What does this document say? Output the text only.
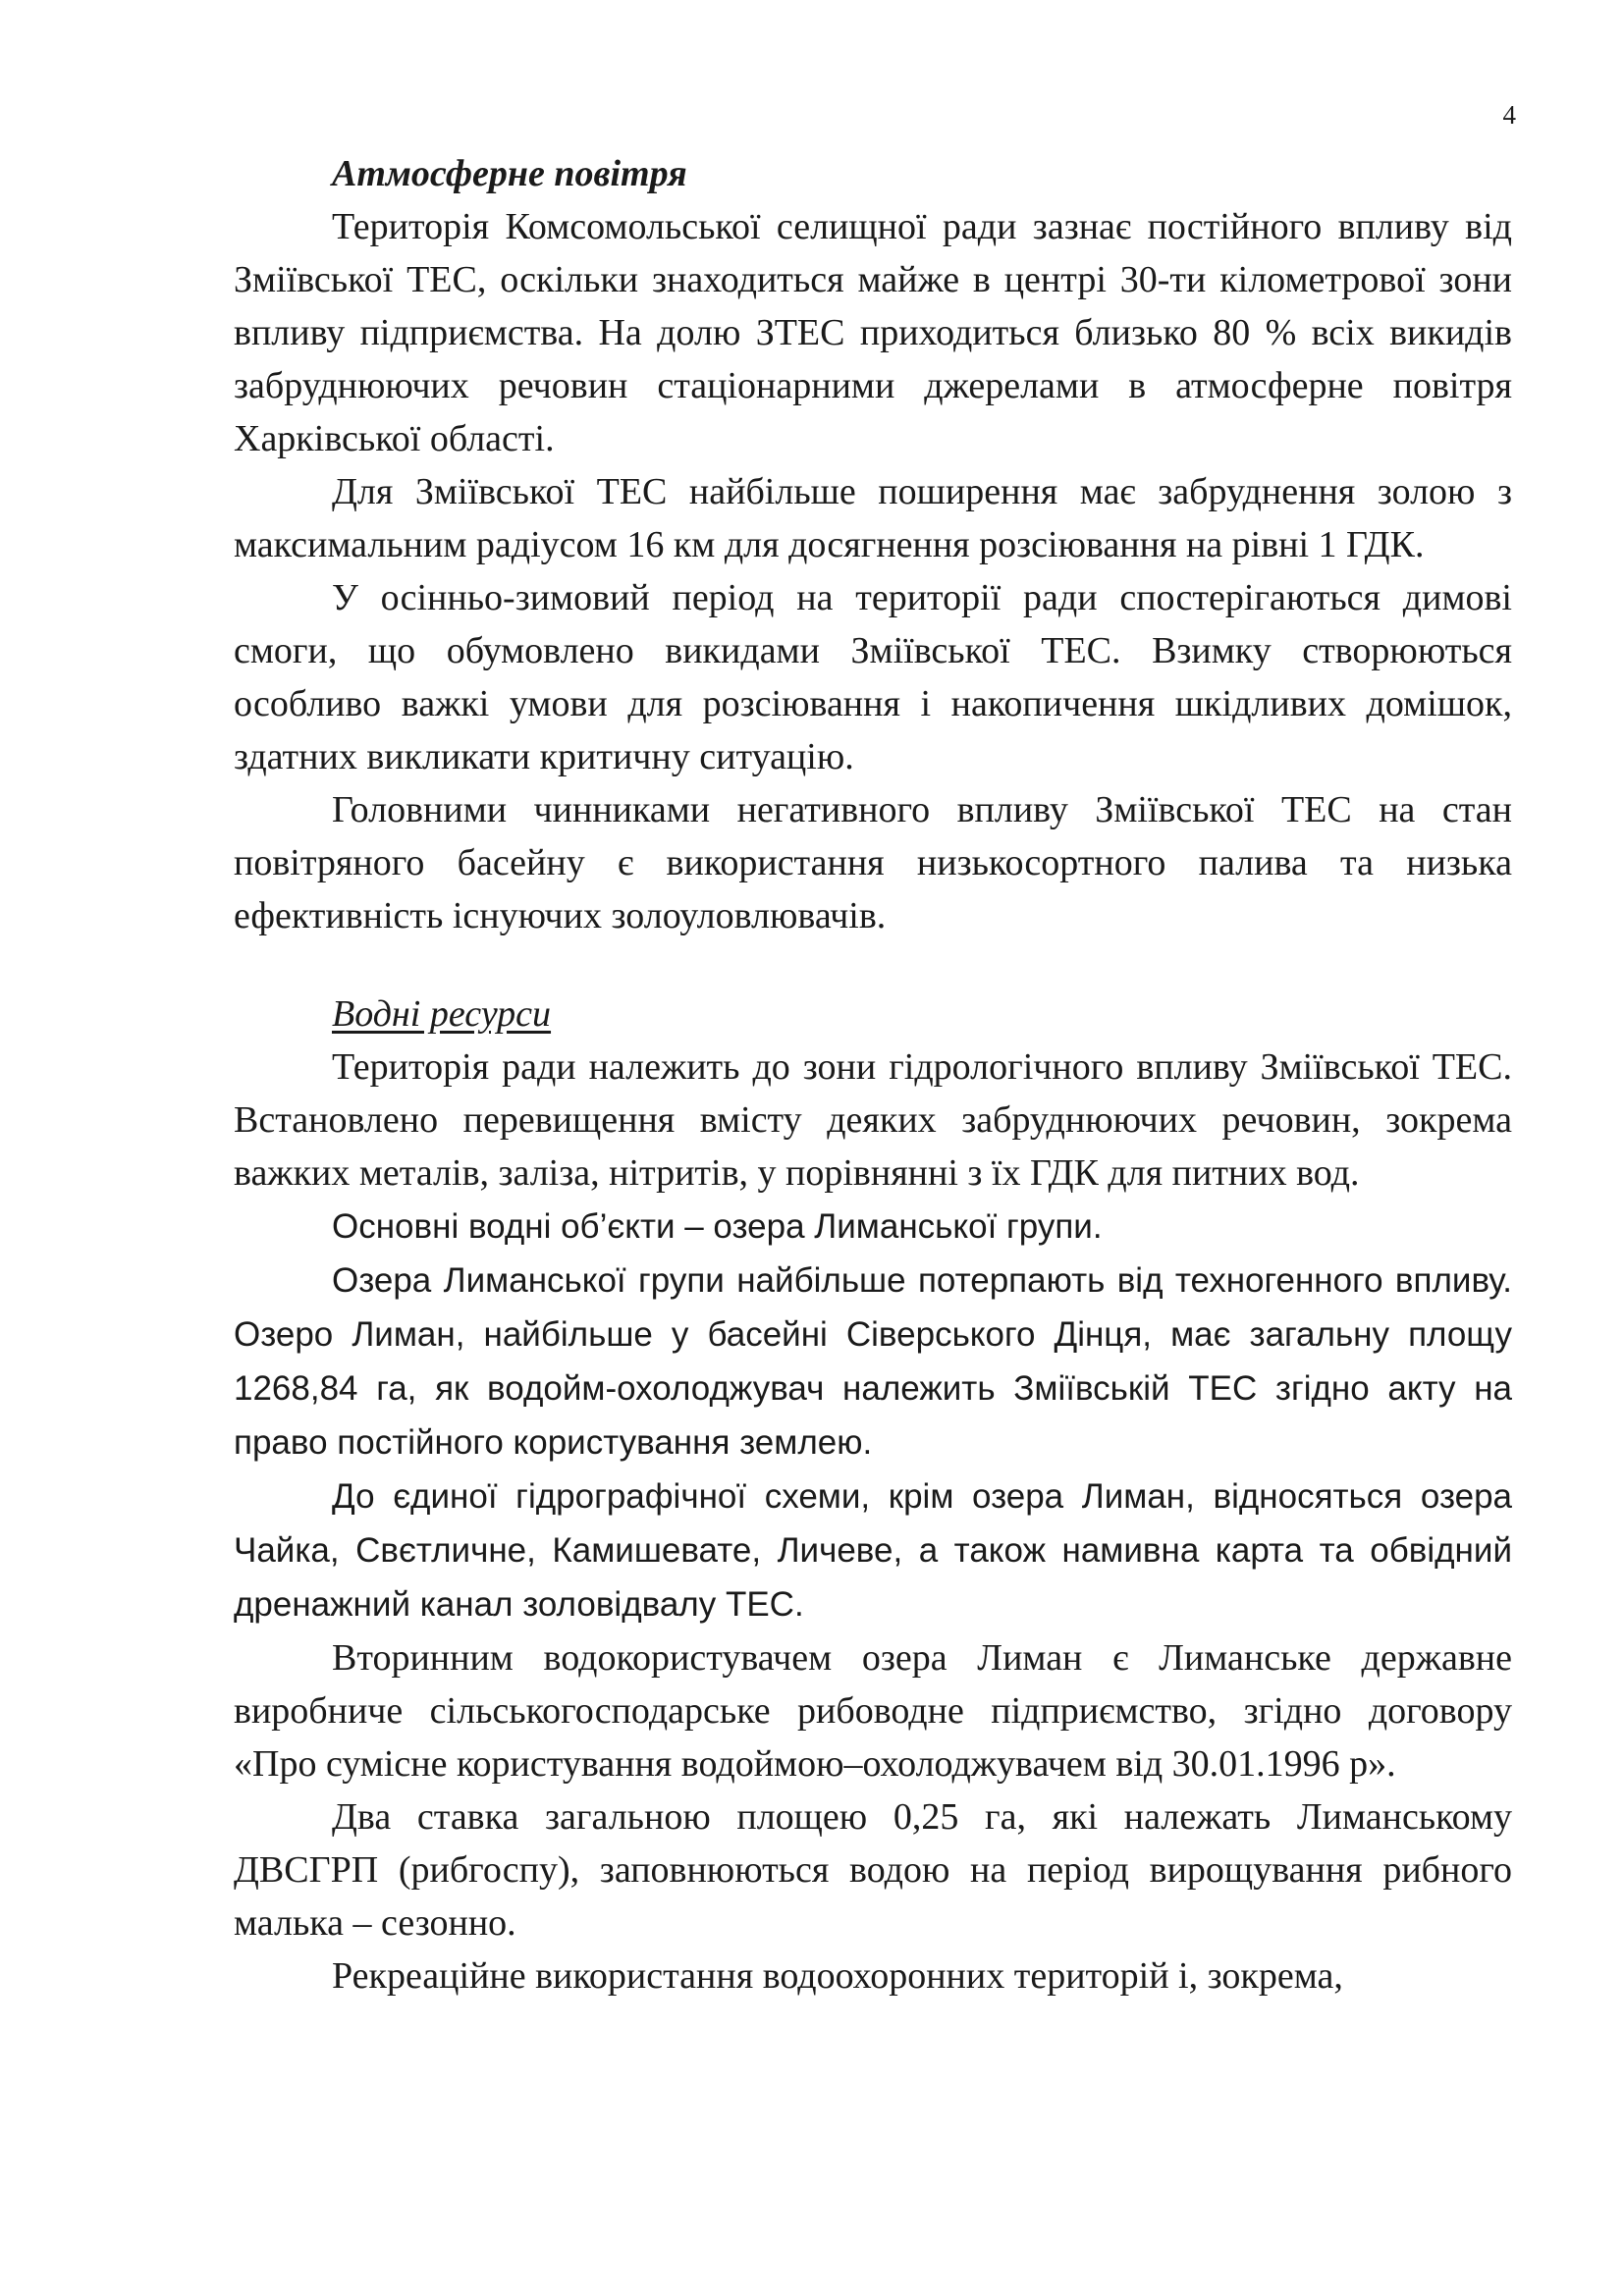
4
Атмосферне повітря

Територія Комсомольської селищної ради зазнає постійного впливу від Зміївської ТЕС, оскільки знаходиться майже в центрі 30-ти кілометрової зони впливу підприємства. На долю ЗТЕС приходиться близько 80 % всіх викидів забруднюючих речовин стаціонарними джерелами в атмосферне повітря Харківської області.

Для Зміївської ТЕС найбільше поширення має забруднення золою з максимальним радіусом 16 км для досягнення розсіювання на рівні 1 ГДК.

У осінньо-зимовий період на території ради спостерігаються димові смоги, що обумовлено викидами Зміївської ТЕС. Взимку створюються особливо важкі умови для розсіювання і накопичення шкідливих домішок, здатних викликати критичну ситуацію.

Головними чинниками негативного впливу Зміївської ТЕС на стан повітряного басейну є використання низькосортного палива та низька ефективність існуючих золоуловлювачів.

Водні ресурси

Територія ради належить до зони гідрологічного впливу Зміївської ТЕС. Встановлено перевищення вмісту деяких забруднюючих речовин, зокрема важких металів, заліза, нітритів, у порівнянні з їх ГДК для питних вод.

Основні водні об’єкти – озера Лиманської групи.

Озера Лиманської групи найбільше потерпають від техногенного впливу. Озеро Лиман, найбільше у басейні Сіверського Дінця, має загальну площу 1268,84 га, як водойм-охолоджувач належить Зміївській ТЕС згідно акту на право постійного користування землею.

До єдиної гідрографічної схеми, крім озера Лиман, відносяться озера Чайка, Свєтличне, Камишевате, Личеве, а також намивна карта та обвідний дренажний канал золовідвалу ТЕС.

Вторинним водокористувачем озера Лиман є Лиманське державне виробниче сільськогосподарське рибоводне підприємство, згідно договору «Про сумісне користування водоймою–охолоджувачем від 30.01.1996 р».

Два ставка загальною площею 0,25 га, які належать Лиманському ДВСГРП (рибгоспу), заповнюються водою на період вирощування рибного малька – сезонно.

Рекреаційне використання водоохоронних територій і, зокрема,
